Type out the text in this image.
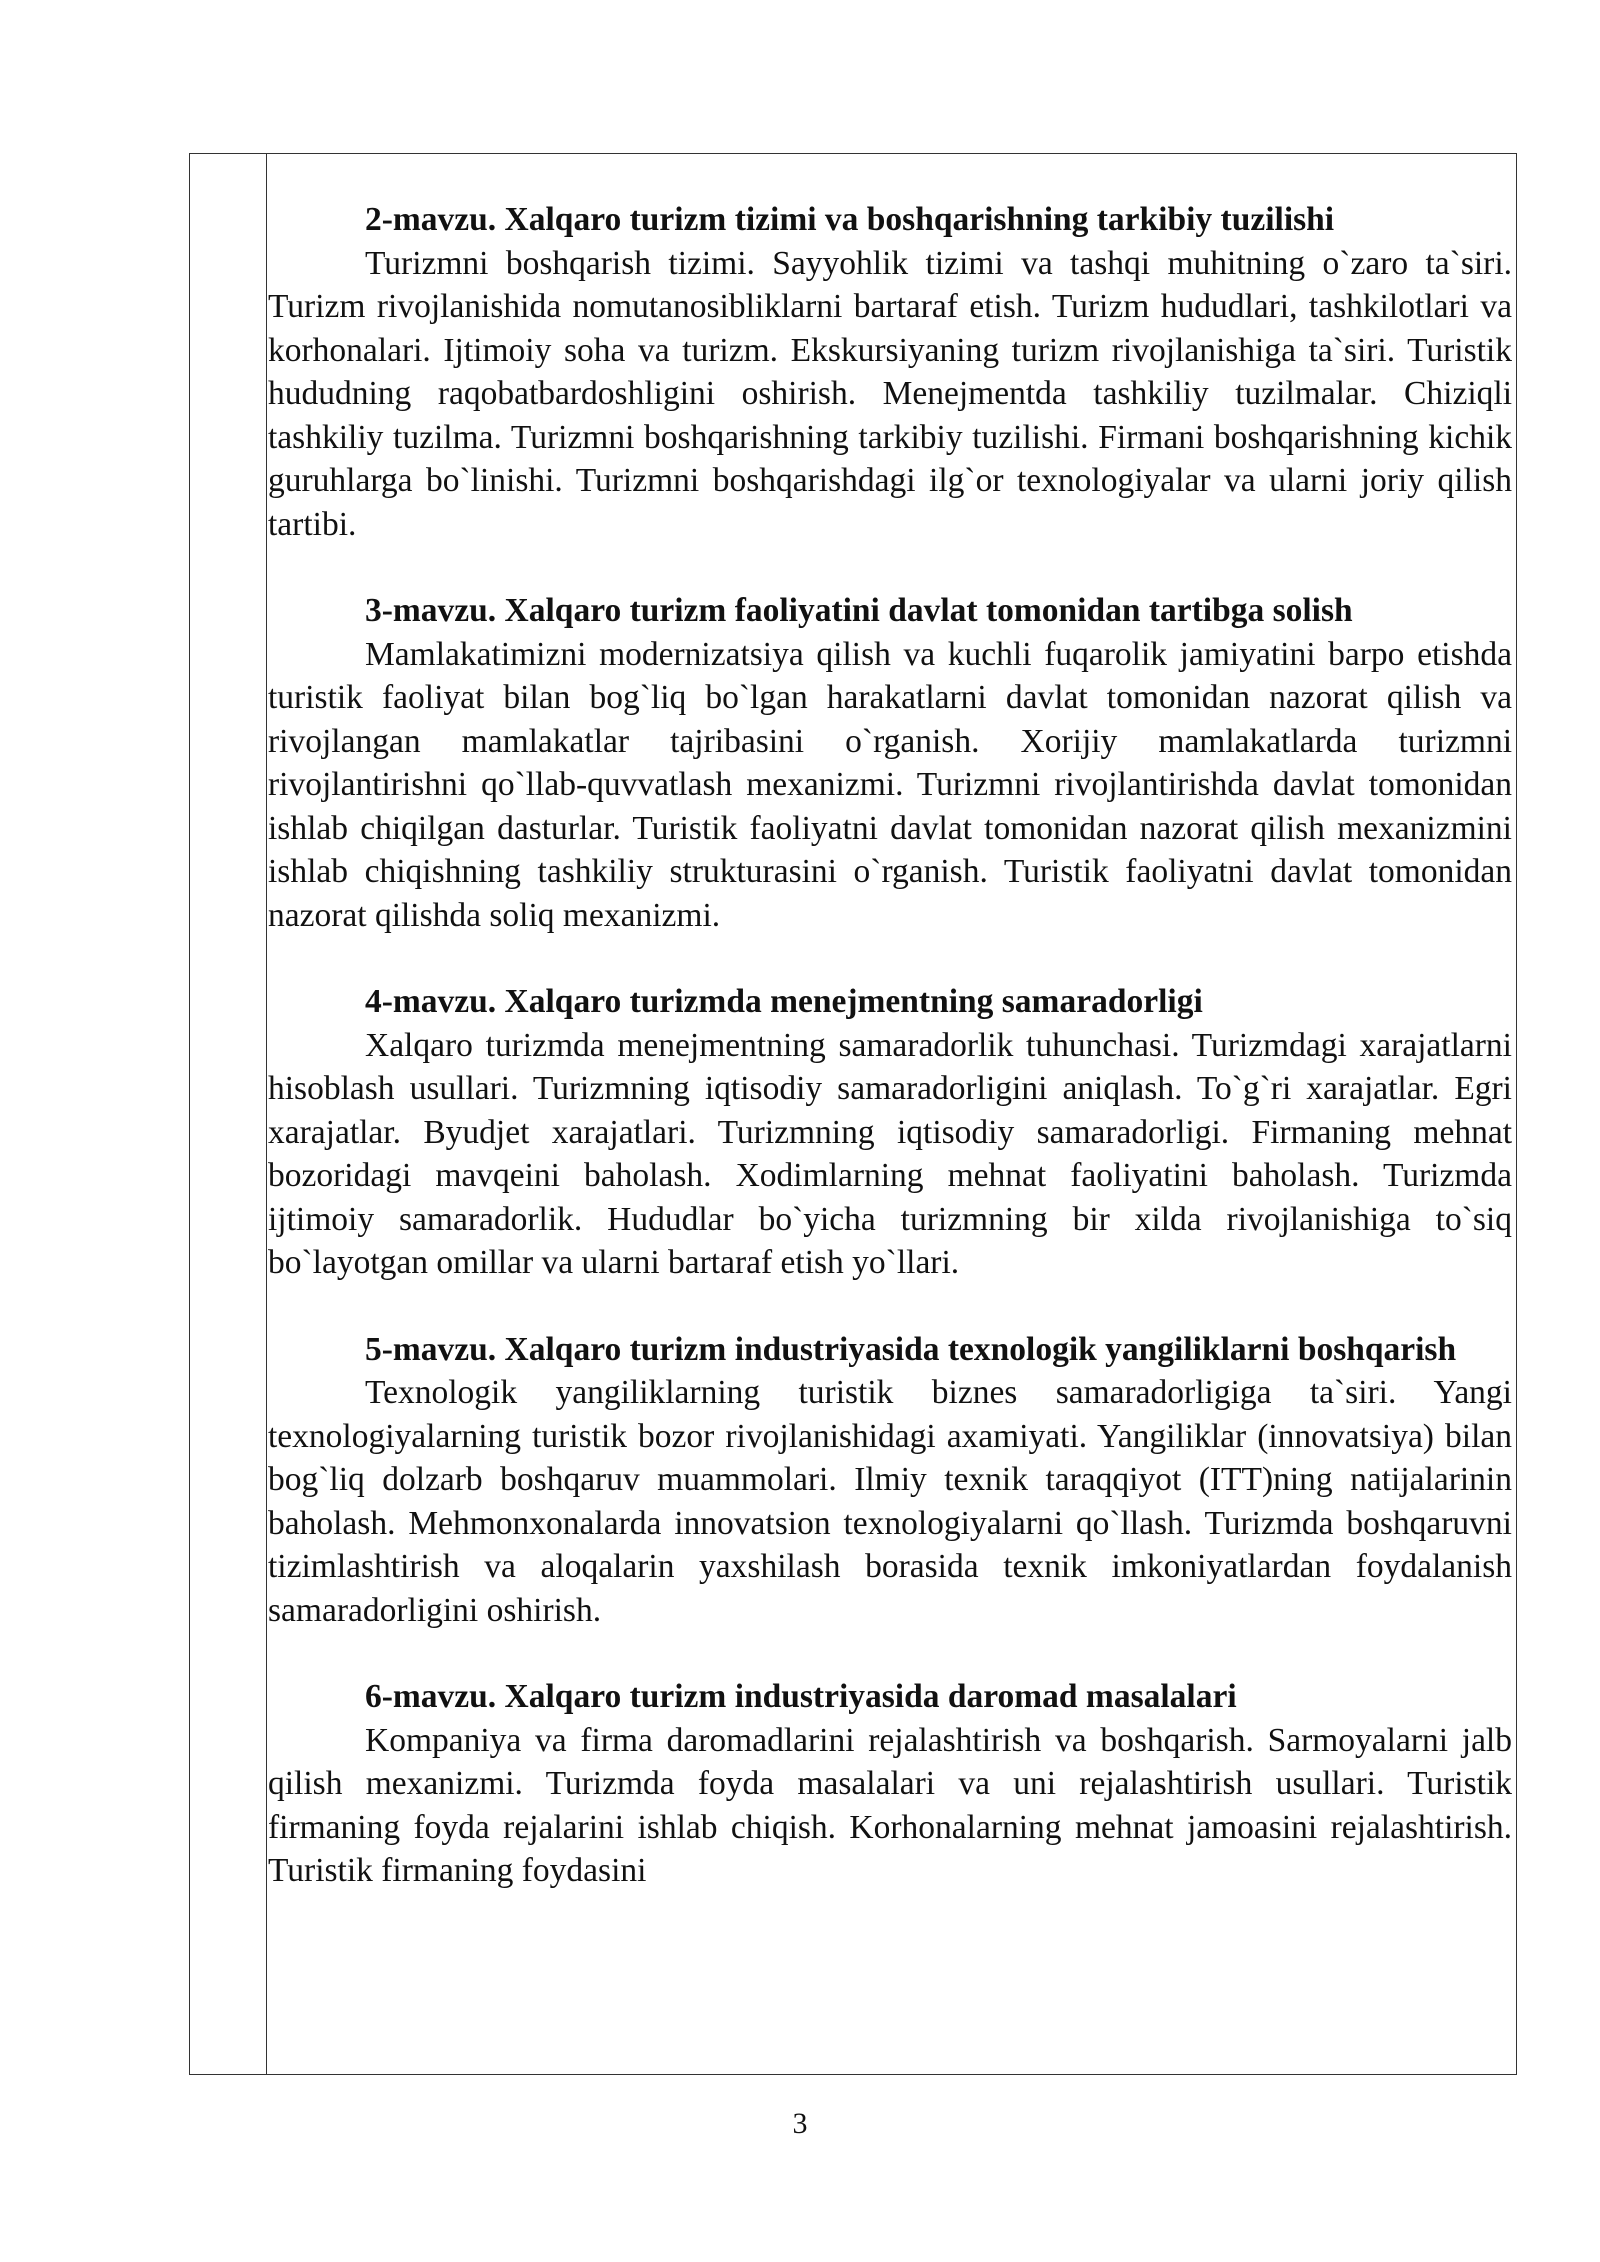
2-mavzu. Xalqaro turizm tizimi va boshqarishning tarkibiy tuzilishi

Turizmni boshqarish tizimi. Sayyohlik tizimi va tashqi muhitning o`zaro ta`siri. Turizm rivojlanishida nomutanosibliklarni bartaraf etish. Turizm hududlari, tashkilotlari va korhonalari. Ijtimoiy soha va turizm. Ekskursiyaning turizm rivojlanishiga ta`siri. Turistik hududning raqobatbardoshligini oshirish. Menejmentda tashkiliy tuzilmalar. Chiziqli tashkiliy tuzilma. Turizmni boshqarishning tarkibiy tuzilishi. Firmani boshqarishning kichik guruhlarga bo`linishi. Turizmni boshqarishdagi ilg`or texnologiyalar va ularni joriy qilish tartibi.

3-mavzu. Xalqaro turizm faoliyatini davlat tomonidan tartibga solish

Mamlakatimizni modernizatsiya qilish va kuchli fuqarolik jamiyatini barpo etishda turistik faoliyat bilan bog`liq bo`lgan harakatlarni davlat tomonidan nazorat qilish va rivojlangan mamlakatlar tajribasini o`rganish. Xorijiy mamlakatlarda turizmni rivojlantirishni qo`llab-quvvatlash mexanizmi. Turizmni rivojlantirishda davlat tomonidan ishlab chiqilgan dasturlar. Turistik faoliyatni davlat tomonidan nazorat qilish mexanizmini ishlab chiqishning tashkiliy strukturasini o`rganish. Turistik faoliyatni davlat tomonidan nazorat qilishda soliq mexanizmi.

4-mavzu. Xalqaro turizmda menejmentning samaradorligi

Xalqaro turizmda menejmentning samaradorlik tuhunchasi. Turizmdagi xarajatlarni hisoblash usullari. Turizmning iqtisodiy samaradorligini aniqlash. To`g`ri xarajatlar. Egri xarajatlar. Byudjet xarajatlari. Turizmning iqtisodiy samaradorligi. Firmaning mehnat bozoridagi mavqeini baholash. Xodimlarning mehnat faoliyatini baholash. Turizmda ijtimoiy samaradorlik. Hududlar bo`yicha turizmning bir xilda rivojlanishiga to`siq bo`layotgan omillar va ularni bartaraf etish yo`llari.

5-mavzu. Xalqaro turizm industriyasida texnologik yangiliklarni boshqarish

Texnologik yangiliklarning turistik biznes samaradorligiga ta`siri. Yangi texnologiyalarning turistik bozor rivojlanishidagi axamiyati. Yangiliklar (innovatsiya) bilan bog`liq dolzarb boshqaruv muammolari. Ilmiy texnik taraqqiyot (ITT)ning natijalarinin baholash. Mehmonxonalarda innovatsion texnologiyalarni qo`llash. Turizmda boshqaruvni tizimlashtirish va aloqalarin yaxshilash borasida texnik imkoniyatlardan foydalanish samaradorligini oshirish.

6-mavzu. Xalqaro turizm industriyasida daromad masalalari

Kompaniya va firma daromadlarini rejalashtirish va boshqarish. Sarmoyalarni jalb qilish mexanizmi. Turizmda foyda masalalari va uni rejalashtirish usullari. Turistik firmaning foyda rejalarini ishlab chiqish. Korhonalarning mehnat jamoasini rejalashtirish. Turistik firmaning foydasini

3
